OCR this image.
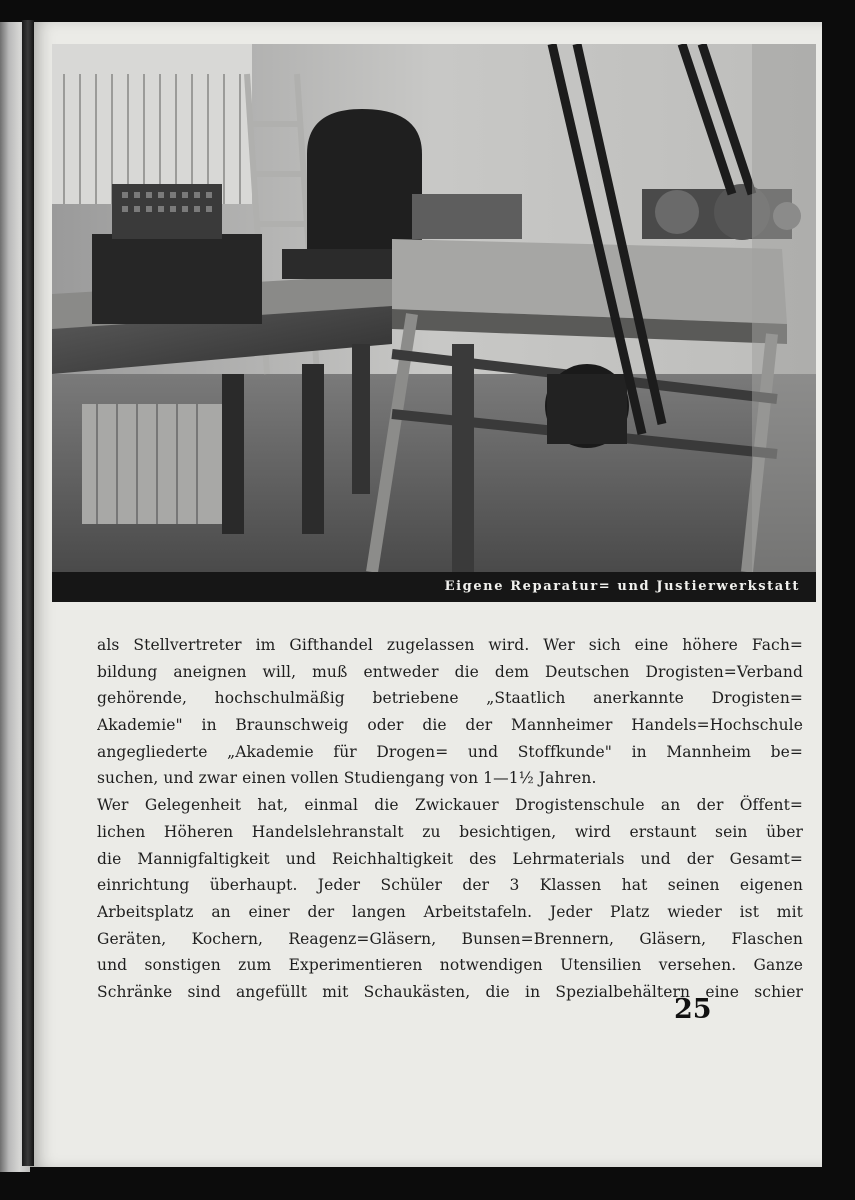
Eigene Reparatur= und Justierwerkstatt
als Stellvertreter im Gifthandel zugelassen wird. Wer sich eine höhere Fach=
bildung aneignen will, muß entweder die dem Deutschen Drogisten=Verband
gehörende, hochschulmäßig betriebene „Staatlich anerkannte Drogisten=
Akademie" in Braunschweig oder die der Mannheimer Handels=Hochschule
angegliederte „Akademie für Drogen= und Stoffkunde" in Mannheim be=
suchen, und zwar einen vollen Studiengang von 1—1½ Jahren.
Wer Gelegenheit hat, einmal die Zwickauer Drogistenschule an der Öffent=
lichen Höheren Handelslehranstalt zu besichtigen, wird erstaunt sein über
die Mannigfaltigkeit und Reichhaltigkeit des Lehrmaterials und der Gesamt=
einrichtung überhaupt. Jeder Schüler der 3 Klassen hat seinen eigenen
Arbeitsplatz an einer der langen Arbeitstafeln. Jeder Platz wieder ist mit
Geräten, Kochern, Reagenz=Gläsern, Bunsen=Brennern, Gläsern, Flaschen
und sonstigen zum Experimentieren notwendigen Utensilien versehen. Ganze
Schränke sind angefüllt mit Schaukästen, die in Spezialbehältern eine schier
25
